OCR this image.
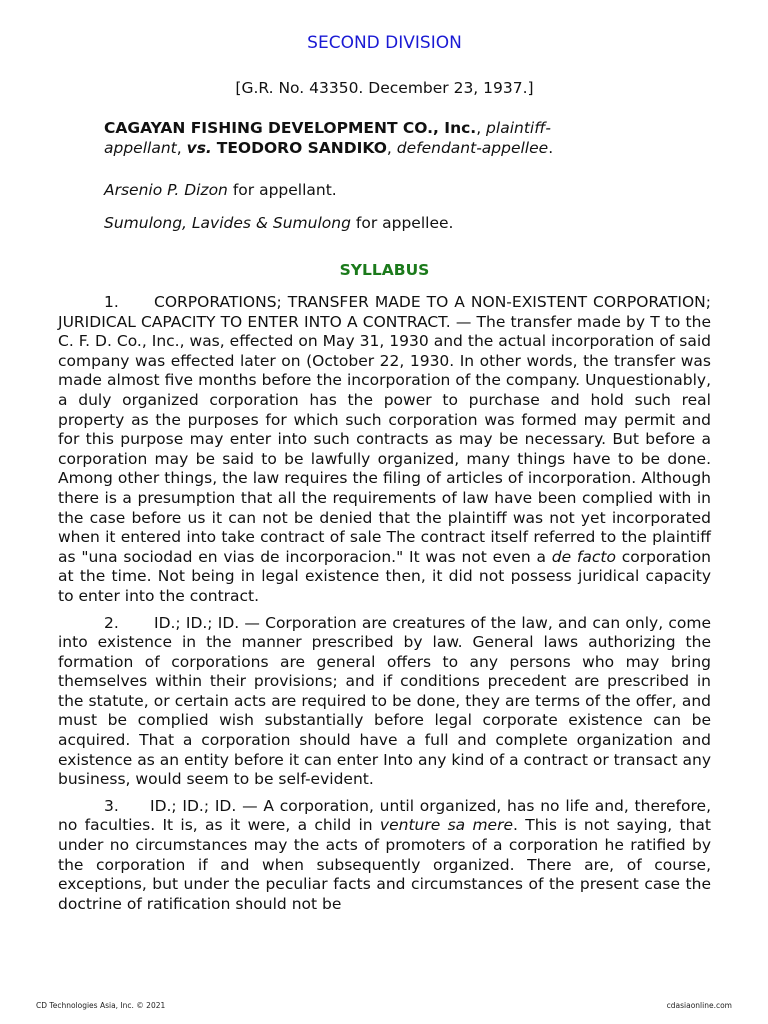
SECOND DIVISION
[G.R. No. 43350. December 23, 1937.]
CAGAYAN FISHING DEVELOPMENT CO., Inc., plaintiff-appellant, vs. TEODORO SANDIKO, defendant-appellee.

Arsenio P. Dizon for appellant.

Sumulong, Lavides & Sumulong for appellee.

SYLLABUS

1. CORPORATIONS; TRANSFER MADE TO A NON-EXISTENT CORPORATION; JURIDICAL CAPACITY TO ENTER INTO A CONTRACT. — The transfer made by T to the C. F. D. Co., Inc., was, effected on May 31, 1930 and the actual incorporation of said company was effected later on (October 22, 1930. In other words, the transfer was made almost five months before the incorporation of the company. Unquestionably, a duly organized corporation has the power to purchase and hold such real property as the purposes for which such corporation was formed may permit and for this purpose may enter into such contracts as may be necessary. But before a corporation may be said to be lawfully organized, many things have to be done. Among other things, the law requires the filing of articles of incorporation. Although there is a presumption that all the requirements of law have been complied with in the case before us it can not be denied that the plaintiff was not yet incorporated when it entered into take contract of sale The contract itself referred to the plaintiff as "una sociodad en vias de incorporacion." It was not even a de facto corporation at the time. Not being in legal existence then, it did not possess juridical capacity to enter into the contract.

2. ID.; ID.; ID. — Corporation are creatures of the law, and can only, come into existence in the manner prescribed by law. General laws authorizing the formation of corporations are general offers to any persons who may bring themselves within their provisions; and if conditions precedent are prescribed in the statute, or certain acts are required to be done, they are terms of the offer, and must be complied wish substantially before legal corporate existence can be acquired. That a corporation should have a full and complete organization and existence as an entity before it can enter Into any kind of a contract or transact any business, would seem to be self-evident.

3. ID.; ID.; ID. — A corporation, until organized, has no life and, therefore, no faculties. It is, as it were, a child in venture sa mere. This is not saying, that under no circumstances may the acts of promoters of a corporation he ratified by the corporation if and when subsequently organized. There are, of course, exceptions, but under the peculiar facts and circumstances of the present case the doctrine of ratification should not be

CD Technologies Asia, Inc. © 2021	cdasiaonline.com
